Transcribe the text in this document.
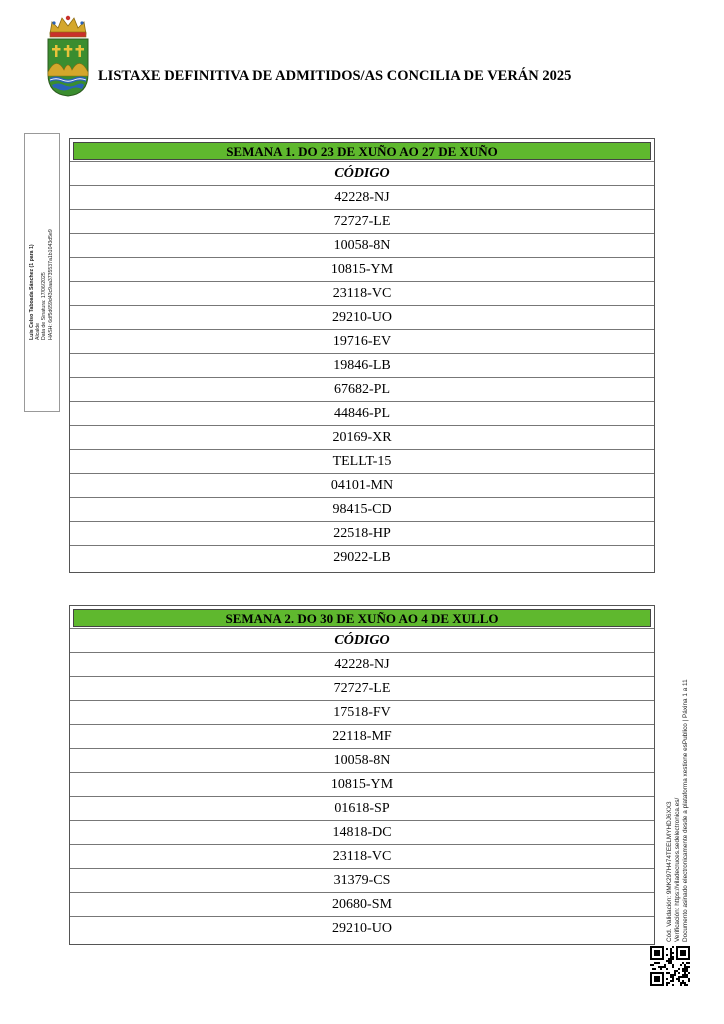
LISTAXE DEFINITIVA DE ADMITIDOS/AS CONCILIA DE VERÁN 2025
Luis Celso Taboada Sánchez (1 para 1) Alcalde Data de Sinatura: 17/06/2025 HASH: 6df5d659d43c9aa3735537a1b1043d5e9
SEMANA 1. DO 23 DE XUÑO AO 27 DE XUÑO
CÓDIGO
42228-NJ
72727-LE
10058-8N
10815-YM
23118-VC
29210-UO
19716-EV
19846-LB
67682-PL
44846-PL
20169-XR
TELLT-15
04101-MN
98415-CD
22518-HP
29022-LB
SEMANA 2. DO 30 DE XUÑO AO 4 DE XULLO
CÓDIGO
42228-NJ
72727-LE
17518-FV
22118-MF
10058-8N
10815-YM
01618-SP
14818-DC
23118-VC
31379-CS
20680-SM
29210-UO	Cód. Validación: 9MK297H474TEELMYHDJ6XX3 Verificación: https://viladecruces.sedelectronica.es/ Documento asinado electronicamente desde a plataforma xestione esPublico | Páxina 1 a 11
